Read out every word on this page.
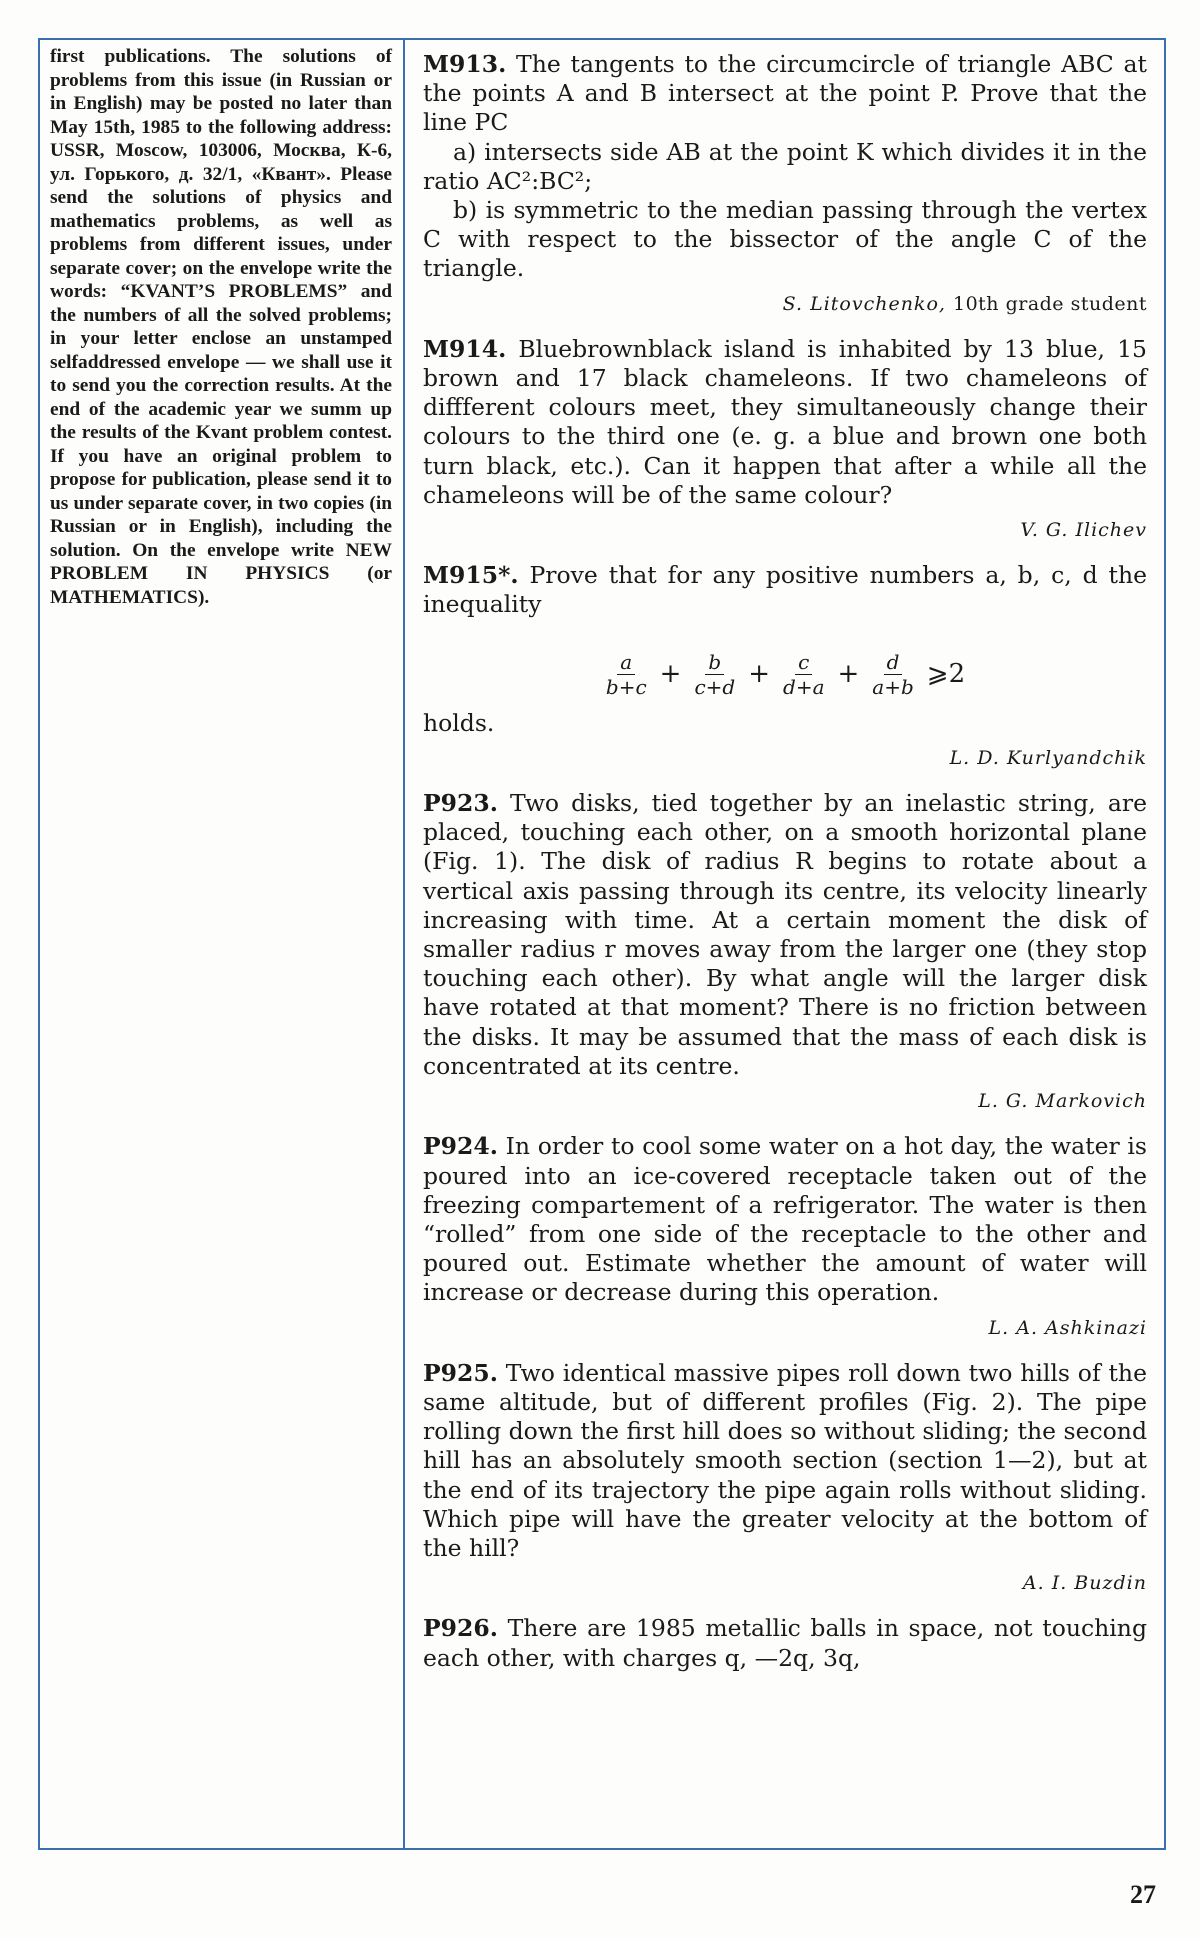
first publications. The solutions of problems from this issue (in Russian or in English) may be posted no later than May 15th, 1985 to the following address: USSR, Moscow, 103006, Москва, К-6, ул. Горького, д. 32/1, «Квант». Please send the solutions of physics and mathematics problems, as well as problems from different issues, under separate cover; on the envelope write the words: “KVANT’S PROBLEMS” and the numbers of all the solved problems; in your letter enclose an unstamped selfaddressed envelope — we shall use it to send you the correction results. At the end of the academic year we summ up the results of the Kvant problem contest. If you have an original problem to propose for publication, please send it to us under separate cover, in two copies (in Russian or in English), including the solution. On the envelope write NEW PROBLEM IN PHYSICS (or MATHEMATICS).

M913. The tangents to the circumcircle of triangle ABC at the points A and B intersect at the point P. Prove that the line PC

a) intersects side AB at the point K which divides it in the ratio AC²:BC²;

b) is symmetric to the median passing through the vertex C with respect to the bissector of the angle C of the triangle.

S. Litovchenko, 10th grade student

M914. Bluebrownblack island is inhabited by 13 blue, 15 brown and 17 black chameleons. If two chameleons of diffferent colours meet, they simultaneously change their colours to the third one (e. g. a blue and brown one both turn black, etc.). Can it happen that after a while all the chameleons will be of the same colour?

V. G. Ilichev

M915*. Prove that for any positive numbers a, b, c, d the inequality

$\frac{a}{b+c} + \frac{b}{c+d} + \frac{c}{d+a} + \frac{d}{a+b}$ ⩾2

holds.

L. D. Kurlyandchik

P923. Two disks, tied together by an inelastic string, are placed, touching each other, on a smooth horizontal plane (Fig. 1). The disk of radius R begins to rotate about a vertical axis passing through its centre, its velocity linearly increasing with time. At a certain moment the disk of smaller radius r moves away from the larger one (they stop touching each other). By what angle will the larger disk have rotated at that moment? There is no friction between the disks. It may be assumed that the mass of each disk is concentrated at its centre.

L. G. Markovich

P924. In order to cool some water on a hot day, the water is poured into an ice-covered receptacle taken out of the freezing compartement of a refrigerator. The water is then “rolled” from one side of the receptacle to the other and poured out. Estimate whether the amount of water will increase or decrease during this operation.

L. A. Ashkinazi

P925. Two identical massive pipes roll down two hills of the same altitude, but of different profiles (Fig. 2). The pipe rolling down the first hill does so without sliding; the second hill has an absolutely smooth section (section 1—2), but at the end of its trajectory the pipe again rolls without sliding. Which pipe will have the greater velocity at the bottom of the hill?

A. I. Buzdin

P926. There are 1985 metallic balls in space, not touching each other, with charges q, —2q, 3q,

27
